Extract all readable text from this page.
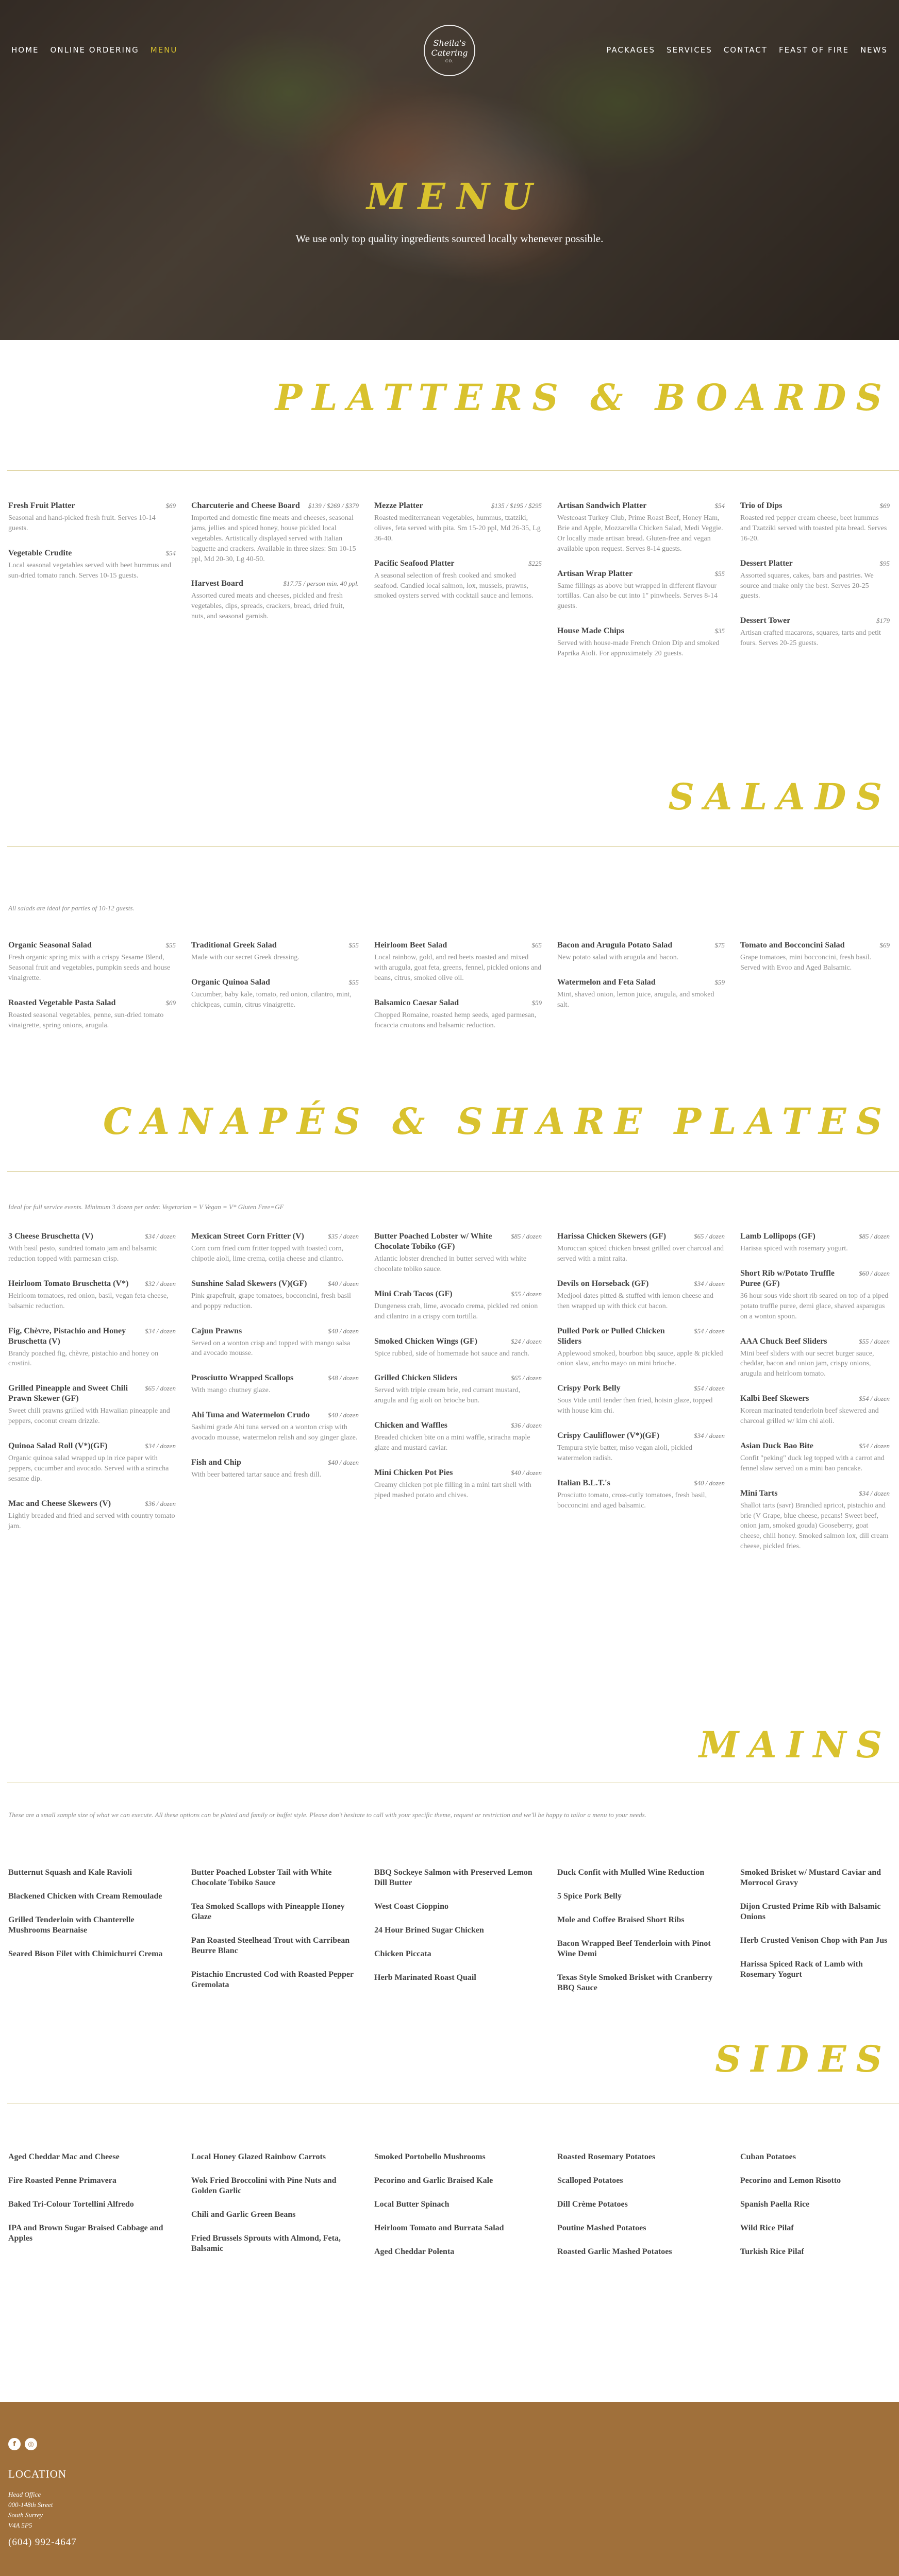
HOME ONLINE ORDERING MENU
Sheila's
Catering
CO.
PACKAGES SERVICES CONTACT FEAST OF FIRE NEWS
MENU

We use only top quality ingredients sourced locally whenever possible.

PLATTERS & BOARDS
Fresh Fruit Platter	$69
Seasonal and hand-picked fresh fruit. Serves 10-14 guests.
Vegetable Crudite	$54
Local seasonal vegetables served with beet hummus and sun-dried tomato ranch. Serves 10-15 guests.
Charcuterie and Cheese Board $139 / $269 / $379
Imported and domestic fine meats and cheeses, seasonal jams, jellies and spiced honey, house pickled local vegetables. Artistically displayed served with Italian baguette and crackers. Available in three sizes: Sm 10-15 ppl, Md 20-30, Lg 40-50.
Harvest Board	$17.75 / person min. 40 ppl.
Assorted cured meats and cheeses, pickled and fresh vegetables, dips, spreads, crackers, bread, dried fruit, nuts, and seasonal garnish.
Mezze Platter	$135 / $195 / $295
Roasted mediterranean vegetables, hummus, tzatziki, olives, feta served with pita. Sm 15-20 ppl, Md 26-35, Lg 36-40.
Pacific Seafood Platter	$225
A seasonal selection of fresh cooked and smoked seafood. Candied local salmon, lox, mussels, prawns, smoked oysters served with cocktail sauce and lemons.
Artisan Sandwich Platter	$54
Westcoast Turkey Club, Prime Roast Beef, Honey Ham, Brie and Apple, Mozzarella Chicken Salad, Medi Veggie. Or locally made artisan bread. Gluten-free and vegan available upon request. Serves 8-14 guests.
Artisan Wrap Platter	$55
Same fillings as above but wrapped in different flavour tortillas. Can also be cut into 1" pinwheels. Serves 8-14 guests.
House Made Chips	$35
Served with house-made French Onion Dip and smoked Paprika Aioli. For approximately 20 guests.
Trio of Dips	$69
Roasted red pepper cream cheese, beet hummus and Tzatziki served with toasted pita bread. Serves 16-20.
Dessert Platter	$95
Assorted squares, cakes, bars and pastries. We source and make only the best. Serves 20-25 guests.
Dessert Tower	$179
Artisan crafted macarons, squares, tarts and petit fours. Serves 20-25 guests.
SALADS

All salads are ideal for parties of 10-12 guests.

Organic Seasonal Salad	$55
Fresh organic spring mix with a crispy Sesame Blend, Seasonal fruit and vegetables, pumpkin seeds and house vinaigrette.
Roasted Vegetable Pasta Salad	$69
Roasted seasonal vegetables, penne, sun-dried tomato vinaigrette, spring onions, arugula.
Traditional Greek Salad	$55
Made with our secret Greek dressing.
Organic Quinoa Salad	$55
Cucumber, baby kale, tomato, red onion, cilantro, mint, chickpeas, cumin, citrus vinaigrette.
Heirloom Beet Salad	$65
Local rainbow, gold, and red beets roasted and mixed with arugula, goat feta, greens, fennel, pickled onions and beans, citrus, smoked olive oil.
Balsamico Caesar Salad	$59
Chopped Romaine, roasted hemp seeds, aged parmesan, focaccia croutons and balsamic reduction.
Bacon and Arugula Potato Salad	$75
New potato salad with arugula and bacon.
Watermelon and Feta Salad	$59
Mint, shaved onion, lemon juice, arugula, and smoked salt.
Tomato and Bocconcini Salad	$69
Grape tomatoes, mini bocconcini, fresh basil. Served with Evoo and Aged Balsamic.
CANAPÉS & SHARE PLATES

Ideal for full service events. Minimum 3 dozen per order. Vegetarian = V Vegan = V* Gluten Free=GF

3 Cheese Bruschetta (V)	$34 / dozen
With basil pesto, sundried tomato jam and balsamic reduction topped with parmesan crisp.
Heirloom Tomato Bruschetta (V*) $32 / dozen
Heirloom tomatoes, red onion, basil, vegan feta cheese, balsamic reduction.
Fig, Chèvre, Pistachio and Honey Bruschetta (V)
$34 / dozen
Brandy poached fig, chèvre, pistachio and honey on crostini.
Grilled Pineapple and Sweet Chili Prawn Skewer (GF)
$65 / dozen
Sweet chili prawns grilled with Hawaiian pineapple and peppers, coconut cream drizzle.
Quinoa Salad Roll (V*)(GF)	$34 / dozen
Organic quinoa salad wrapped up in rice paper with peppers, cucumber and avocado. Served with a sriracha sesame dip.
Mac and Cheese Skewers (V)	$36 / dozen
Lightly breaded and fried and served with country tomato jam.
Mexican Street Corn Fritter (V)	$35 / dozen
Corn corn fried corn fritter topped with toasted corn, chipotle aioli, lime crema, cotija cheese and cilantro.
Sunshine Salad Skewers (V)(GF)	$40 / dozen
Pink grapefruit, grape tomatoes, bocconcini, fresh basil and poppy reduction.
Cajun Prawns	$40 / dozen
Served on a wonton crisp and topped with mango salsa and avocado mousse.
Prosciutto Wrapped Scallops	$48 / dozen
With mango chutney glaze.
Ahi Tuna and Watermelon Crudo	$40 / dozen
Sashimi grade Ahi tuna served on a wonton crisp with avocado mousse, watermelon relish and soy ginger glaze.
Fish and Chip	$40 / dozen
With beer battered tartar sauce and fresh dill.
Butter Poached Lobster w/ White Chocolate Tobiko (GF)
$85 / dozen
Atlantic lobster drenched in butter served with white chocolate tobiko sauce.
Mini Crab Tacos (GF)	$55 / dozen
Dungeness crab, lime, avocado crema, pickled red onion and cilantro in a crispy corn tortilla.
Smoked Chicken Wings (GF)	$24 / dozen
Spice rubbed, side of homemade hot sauce and ranch.
Grilled Chicken Sliders	$65 / dozen
Served with triple cream brie, red currant mustard, arugula and fig aioli on brioche bun.
Chicken and Waffles	$36 / dozen
Breaded chicken bite on a mini waffle, sriracha maple glaze and mustard caviar.
Mini Chicken Pot Pies	$40 / dozen
Creamy chicken pot pie filling in a mini tart shell with piped mashed potato and chives.
Harissa Chicken Skewers (GF)	$65 / dozen
Moroccan spiced chicken breast grilled over charcoal and served with a mint raita.
Devils on Horseback (GF)	$34 / dozen
Medjool dates pitted & stuffed with lemon cheese and then wrapped up with thick cut bacon.
Pulled Pork or Pulled Chicken Sliders
$54 / dozen
Applewood smoked, bourbon bbq sauce, apple & pickled onion slaw, ancho mayo on mini brioche.
Crispy Pork Belly	$54 / dozen
Sous Vide until tender then fried, hoisin glaze, topped with house kim chi.
Crispy Cauliflower (V*)(GF)	$34 / dozen
Tempura style batter, miso vegan aioli, pickled watermelon radish.
Italian B.L.T.'s	$40 / dozen
Prosciutto tomato, cross-cutly tomatoes, fresh basil, bocconcini and aged balsamic.
Lamb Lollipops (GF)	$85 / dozen
Harissa spiced with rosemary yogurt.
Short Rib w/Potato Truffle Puree (GF)
$60 / dozen
36 hour sous vide short rib seared on top of a piped potato truffle puree, demi glace, shaved asparagus on a wonton spoon.
AAA Chuck Beef Sliders	$55 / dozen
Mini beef sliders with our secret burger sauce, cheddar, bacon and onion jam, crispy onions, arugula and heirloom tomato.
Kalbi Beef Skewers	$54 / dozen
Korean marinated tenderloin beef skewered and charcoal grilled w/ kim chi aioli.
Asian Duck Bao Bite	$54 / dozen
Confit "peking" duck leg topped with a carrot and fennel slaw served on a mini bao pancake.
Mini Tarts	$34 / dozen
Shallot tarts (savr) Brandied apricot, pistachio and brie (V Grape, blue cheese, pecans! Sweet beef, onion jam, smoked gouda) Gooseberry, goat cheese, chili honey. Smoked salmon lox, dill cream cheese, pickled fries.
MAINS

These are a small sample size of what we can execute. All these options can be plated and family or buffet style. Please don't hesitate to call with your specific theme, request or restriction and we'll be happy to tailor a menu to your needs.

Butternut Squash and Kale Ravioli
Blackened Chicken with Cream Remoulade
Grilled Tenderloin with Chanterelle Mushrooms Bearnaise
Seared Bison Filet with Chimichurri Crema
Butter Poached Lobster Tail with White Chocolate Tobiko Sauce
Tea Smoked Scallops with Pineapple Honey Glaze
Pan Roasted Steelhead Trout with Carribean Beurre Blanc
Pistachio Encrusted Cod with Roasted Pepper Gremolata
BBQ Sockeye Salmon with Preserved Lemon Dill Butter
West Coast Cioppino
24 Hour Brined Sugar Chicken
Chicken Piccata
Herb Marinated Roast Quail
Duck Confit with Mulled Wine Reduction
5 Spice Pork Belly
Mole and Coffee Braised Short Ribs
Bacon Wrapped Beef Tenderloin with Pinot Wine Demi
Texas Style Smoked Brisket with Cranberry BBQ Sauce
Smoked Brisket w/ Mustard Caviar and Morrocol Gravy
Dijon Crusted Prime Rib with Balsamic Onions
Herb Crusted Venison Chop with Pan Jus
Harissa Spiced Rack of Lamb with Rosemary Yogurt
SIDES
Aged Cheddar Mac and Cheese
Fire Roasted Penne Primavera
Baked Tri-Colour Tortellini Alfredo
IPA and Brown Sugar Braised Cabbage and Apples
Local Honey Glazed Rainbow Carrots
Wok Fried Broccolini with Pine Nuts and Golden Garlic
Chili and Garlic Green Beans
Fried Brussels Sprouts with Almond, Feta, Balsamic
Smoked Portobello Mushrooms
Pecorino and Garlic Braised Kale
Local Butter Spinach
Heirloom Tomato and Burrata Salad
Aged Cheddar Polenta
Roasted Rosemary Potatoes
Scalloped Potatoes
Dill Crème Potatoes
Poutine Mashed Potatoes
Roasted Garlic Mashed Potatoes
Cuban Potatoes
Pecorino and Lemon Risotto
Spanish Paella Rice
Wild Rice Pilaf
Turkish Rice Pilaf
f	◎
LOCATION
Head Office
000-148th Street
South Surrey
V4A 5P5
(604) 992-4647
